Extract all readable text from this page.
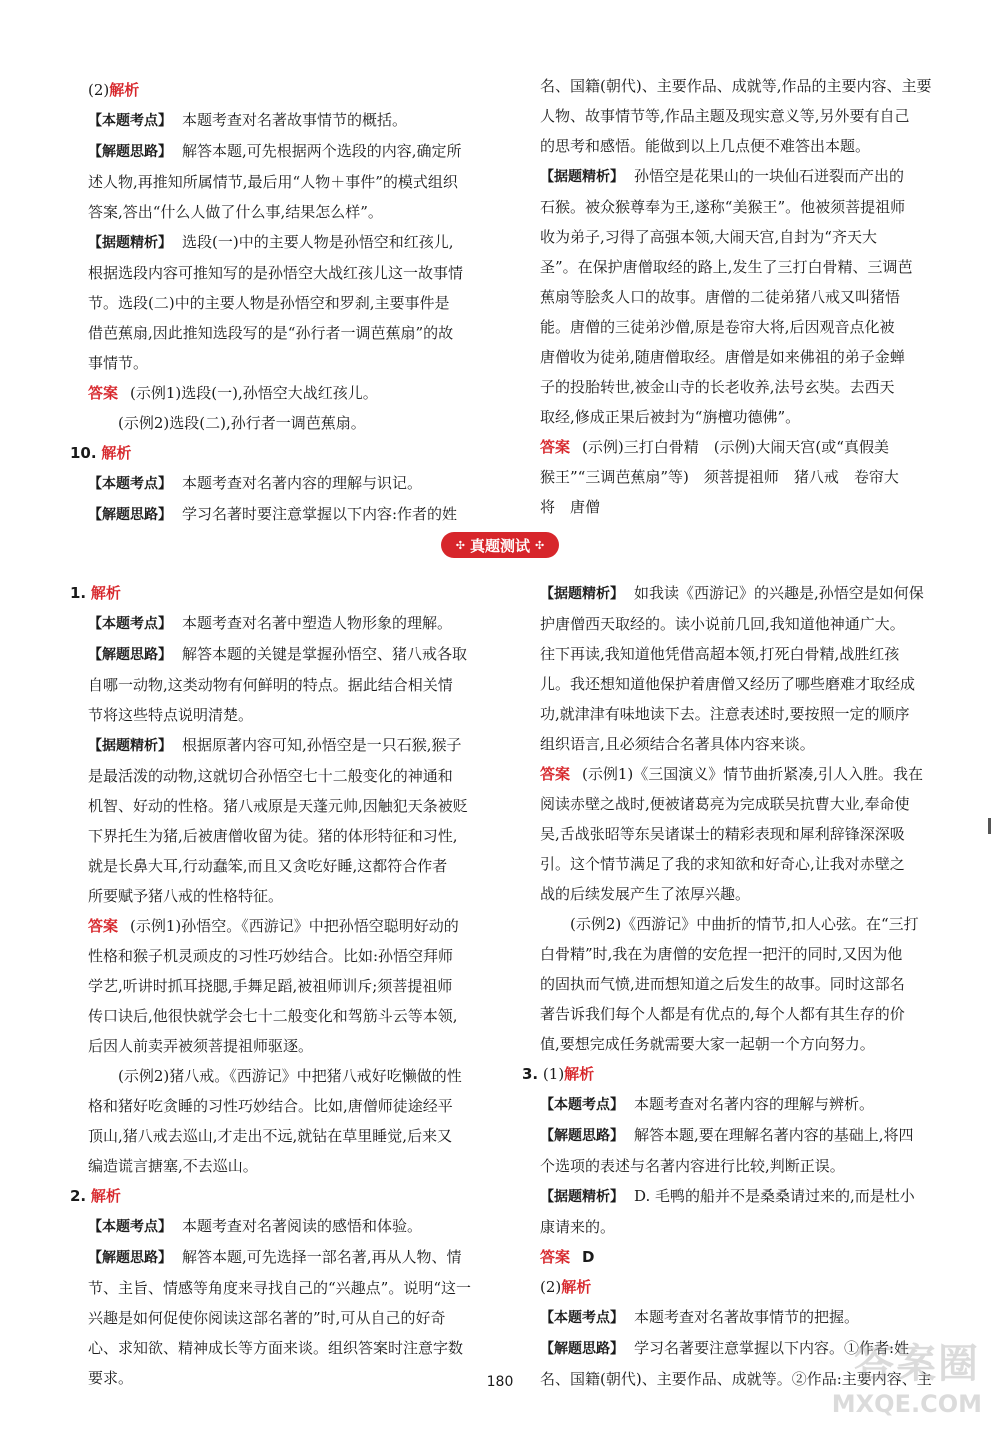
(2)解析

【本题考点】 本题考查对名著故事情节的概括。

【解题思路】 解答本题,可先根据两个选段的内容,确定所

述人物,再推知所属情节,最后用“人物＋事件”的模式组织

答案,答出“什么人做了什么事,结果怎么样”。

【据题精析】 选段(一)中的主要人物是孙悟空和红孩儿,

根据选段内容可推知写的是孙悟空大战红孩儿这一故事情

节。选段(二)中的主要人物是孙悟空和罗刹,主要事件是

借芭蕉扇,因此推知选段写的是“孙行者一调芭蕉扇”的故

事情节。

答案 (示例1)选段(一),孙悟空大战红孩儿。

(示例2)选段(二),孙行者一调芭蕉扇。

10. 解析

【本题考点】 本题考查对名著内容的理解与识记。

【解题思路】 学习名著时要注意掌握以下内容:作者的姓

名、国籍(朝代)、主要作品、成就等,作品的主要内容、主要

人物、故事情节等,作品主题及现实意义等,另外要有自己

的思考和感悟。能做到以上几点便不难答出本题。

【据题精析】 孙悟空是花果山的一块仙石迸裂而产出的

石猴。被众猴尊奉为王,遂称“美猴王”。他被须菩提祖师

收为弟子,习得了高强本领,大闹天宫,自封为“齐天大

圣”。在保护唐僧取经的路上,发生了三打白骨精、三调芭

蕉扇等脍炙人口的故事。唐僧的二徒弟猪八戒又叫猪悟

能。唐僧的三徒弟沙僧,原是卷帘大将,后因观音点化被

唐僧收为徒弟,随唐僧取经。唐僧是如来佛祖的弟子金蝉

子的投胎转世,被金山寺的长老收养,法号玄奘。去西天

取经,修成正果后被封为“旃檀功德佛”。

答案 (示例)三打白骨精　(示例)大闹天宫(或“真假美

猴王”“三调芭蕉扇”等)　须菩提祖师　猪八戒　卷帘大

将　唐僧

✣ 真题测试 ✣

1. 解析

【本题考点】 本题考查对名著中塑造人物形象的理解。

【解题思路】 解答本题的关键是掌握孙悟空、猪八戒各取

自哪一动物,这类动物有何鲜明的特点。据此结合相关情

节将这些特点说明清楚。

【据题精析】 根据原著内容可知,孙悟空是一只石猴,猴子

是最活泼的动物,这就切合孙悟空七十二般变化的神通和

机智、好动的性格。猪八戒原是天蓬元帅,因触犯天条被贬

下界托生为猪,后被唐僧收留为徒。猪的体形特征和习性,

就是长鼻大耳,行动蠢笨,而且又贪吃好睡,这都符合作者

所要赋予猪八戒的性格特征。

答案 (示例1)孙悟空。《西游记》中把孙悟空聪明好动的

性格和猴子机灵顽皮的习性巧妙结合。比如:孙悟空拜师

学艺,听讲时抓耳挠腮,手舞足蹈,被祖师训斥;须菩提祖师

传口诀后,他很快就学会七十二般变化和驾筋斗云等本领,

后因人前卖弄被须菩提祖师驱逐。

(示例2)猪八戒。《西游记》中把猪八戒好吃懒做的性

格和猪好吃贪睡的习性巧妙结合。比如,唐僧师徒途经平

顶山,猪八戒去巡山,才走出不远,就钻在草里睡觉,后来又

编造谎言搪塞,不去巡山。

2. 解析

【本题考点】 本题考查对名著阅读的感悟和体验。

【解题思路】 解答本题,可先选择一部名著,再从人物、情

节、主旨、情感等角度来寻找自己的“兴趣点”。说明“这一

兴趣是如何促使你阅读这部名著的”时,可从自己的好奇

心、求知欲、精神成长等方面来谈。组织答案时注意字数

要求。

【据题精析】 如我读《西游记》的兴趣是,孙悟空是如何保

护唐僧西天取经的。读小说前几回,我知道他神通广大。

往下再读,我知道他凭借高超本领,打死白骨精,战胜红孩

儿。我还想知道他保护着唐僧又经历了哪些磨难才取经成

功,就津津有味地读下去。注意表述时,要按照一定的顺序

组织语言,且必须结合名著具体内容来谈。

答案 (示例1)《三国演义》情节曲折紧凑,引人入胜。我在

阅读赤壁之战时,便被诸葛亮为完成联吴抗曹大业,奉命使

吴,舌战张昭等东吴诸谋士的精彩表现和犀利辞锋深深吸

引。这个情节满足了我的求知欲和好奇心,让我对赤壁之

战的后续发展产生了浓厚兴趣。

(示例2)《西游记》中曲折的情节,扣人心弦。在“三打

白骨精”时,我在为唐僧的安危捏一把汗的同时,又因为他

的固执而气愤,进而想知道之后发生的故事。同时这部名

著告诉我们每个人都是有优点的,每个人都有其生存的价

值,要想完成任务就需要大家一起朝一个方向努力。

3. (1)解析

【本题考点】 本题考查对名著内容的理解与辨析。

【解题思路】 解答本题,要在理解名著内容的基础上,将四

个选项的表述与名著内容进行比较,判断正误。

【据题精析】 D. 毛鸭的船并不是桑桑请过来的,而是杜小

康请来的。

答案 D

(2)解析

【本题考点】 本题考查对名著故事情节的把握。

【解题思路】 学习名著要注意掌握以下内容。①作者:姓

名、国籍(朝代)、主要作品、成就等。②作品:主要内容、主

180	答案圈
MXQE.COM
